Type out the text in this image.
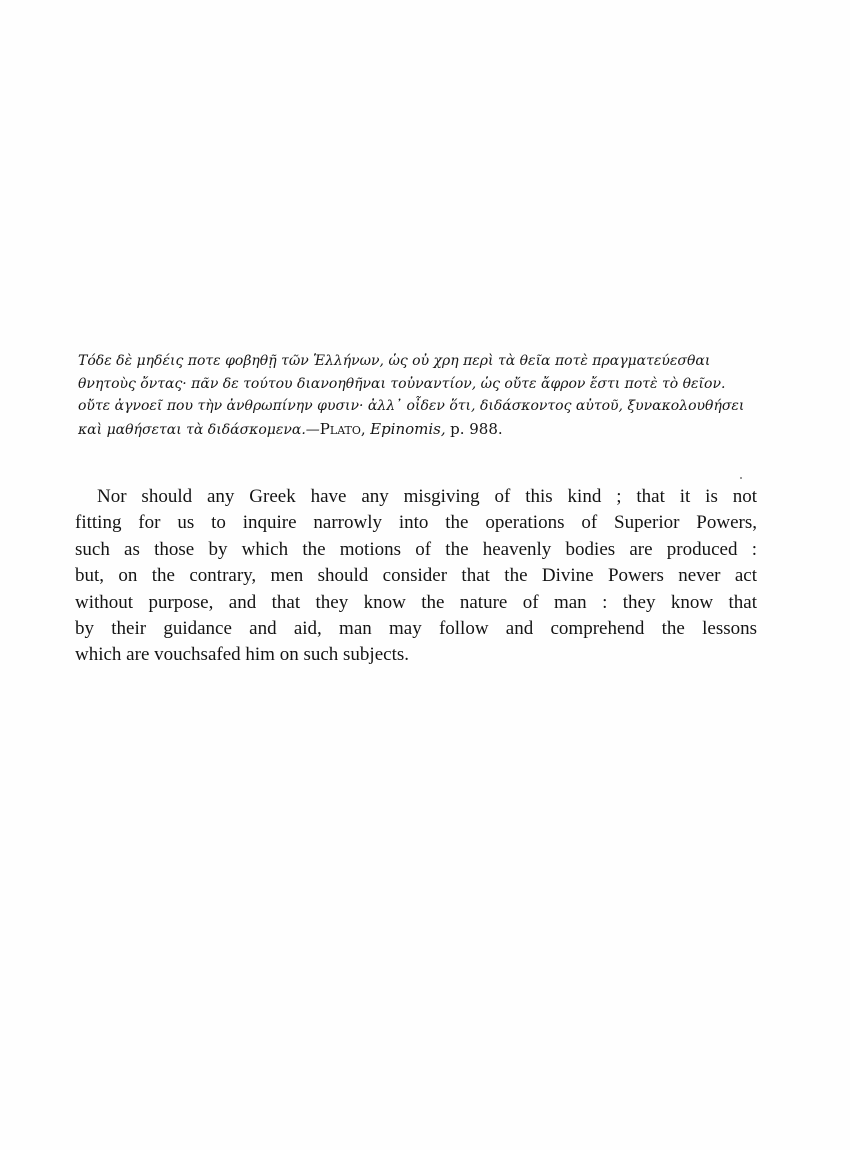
Τόδε δὲ μηδέις ποτε φοβηθῇ τῶν Ἑλλήνων, ὡς οὐ χρη περὶ τὰ θεῖα ποτὲ πραγματεύεσθαι
θνητοὺς ὄντας· πᾶν δε τούτου διανοηθῆναι τοὐναντίον, ὡς οὔτε ἄφρον ἔστι ποτὲ τὸ θεῖον.
οὔτε ἀγνοεῖ που τὴν ἀνθρωπίνην φυσιν· ἀλλ᾽ οἶδεν ὅτι, διδάσκοντος αὐτοῦ, ξυνακολουθήσει
καὶ μαθήσεται τὰ διδάσκομενα.—Plato, Epinomis, p. 988.
Nor should any Greek have any misgiving of this kind ; that it is not
fitting for us to inquire narrowly into the operations of Superior Powers,
such as those by which the motions of the heavenly bodies are produced :
but, on the contrary, men should consider that the Divine Powers never act
without purpose, and that they know the nature of man : they know that
by their guidance and aid, man may follow and comprehend the lessons
which are vouchsafed him on such subjects.
